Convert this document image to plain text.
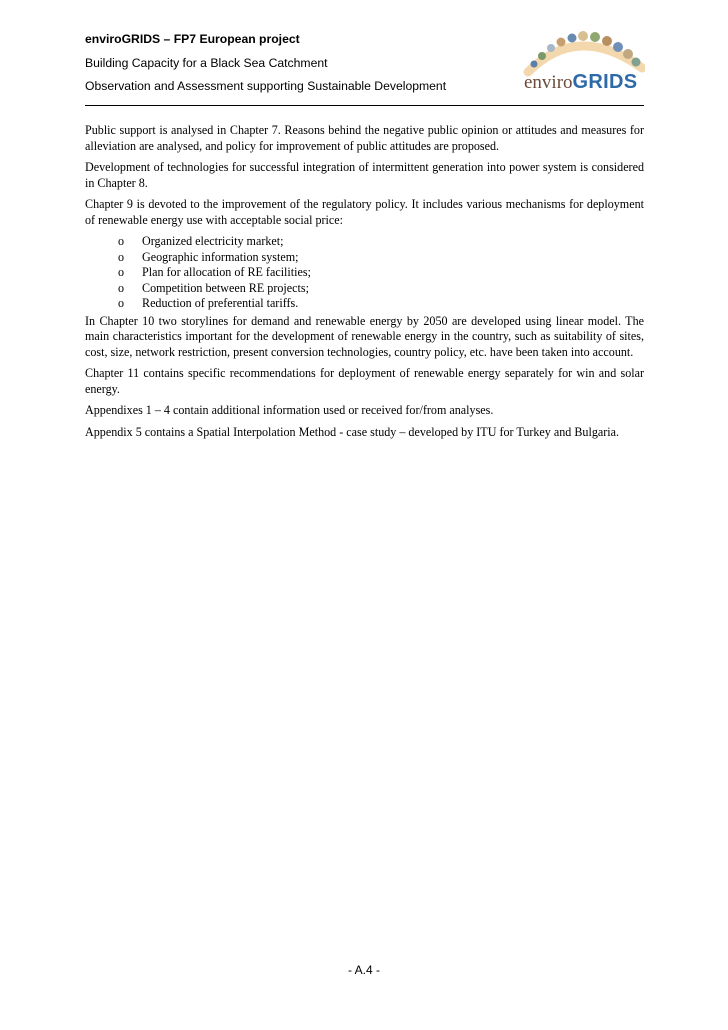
enviroGRIDS – FP7 European project
Building Capacity for a Black Sea Catchment
Observation and Assessment supporting Sustainable Development	enviroGRIDS

Public support is analysed in Chapter 7. Reasons behind the negative public opinion or attitudes and measures for alleviation are analysed, and policy for improvement of public attitudes are proposed.

Development of technologies for successful integration of intermittent generation into power system is considered in Chapter 8.

Chapter 9 is devoted to the improvement of the regulatory policy. It includes various mechanisms for deployment of renewable energy use with acceptable social price:

o Organized electricity market;
o Geographic information system;
o Plan for allocation of RE facilities;
o Competition between RE projects;
o Reduction of preferential tariffs.

In Chapter 10 two storylines for demand and renewable energy by 2050 are developed using linear model. The main characteristics important for the development of renewable energy in the country, such as suitability of sites, cost, size, network restriction, present conversion technologies, country policy, etc. have been taken into account.

Chapter 11 contains specific recommendations for deployment of renewable energy separately for win and solar energy.

Appendixes 1 – 4 contain additional information used or received for/from analyses.

Appendix 5 contains a Spatial Interpolation Method - case study – developed by ITU for Turkey and Bulgaria.

- A.4 -
